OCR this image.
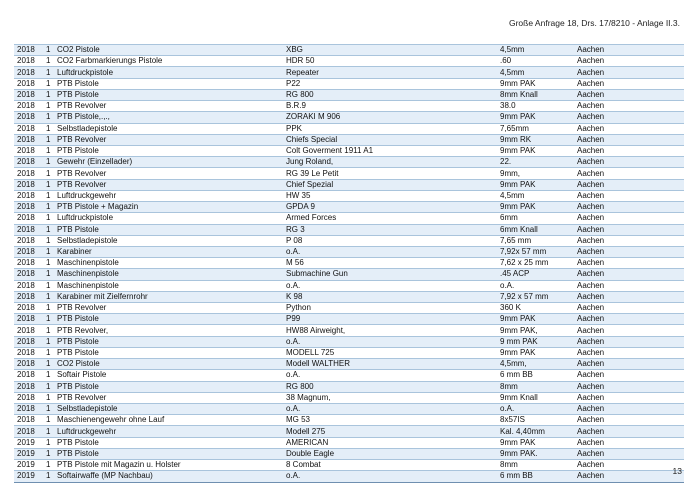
Große Anfrage 18, Drs. 17/8210 - Anlage II.3.
2018	1	CO2 Pistole	XBG	4,5mm	Aachen
2018	1	CO2 Farbmarkierungs Pistole	HDR 50	.60	Aachen
2018	1	Luftdruckpistole	Repeater	4,5mm	Aachen
2018	1	PTB Pistole	P22	9mm PAK	Aachen
2018	1	PTB Pistole	RG 800	8mm Knall	Aachen
2018	1	PTB Revolver	B.R.9	38.0	Aachen
2018	1	PTB Pistole,.,.,	ZORAKI M 906	9mm PAK	Aachen
2018	1	Selbstladepistole	PPK	7,65mm	Aachen
2018	1	PTB Revolver	Chiefs Special	9mm RK	Aachen
2018	1	PTB Pistole	Colt Goverment 1911 A1	9mm PAK	Aachen
2018	1	Gewehr (Einzellader)	Jung Roland,	22.	Aachen
2018	1	PTB Revolver	RG 39 Le Petit	9mm,	Aachen
2018	1	PTB Revolver	Chief Spezial	9mm PAK	Aachen
2018	1	Luftdruckgewehr	HW 35	4,5mm	Aachen
2018	1	PTB Pistole + Magazin	GPDA 9	9mm PAK	Aachen
2018	1	Luftdruckpistole	Armed Forces	6mm	Aachen
2018	1	PTB Pistole	RG 3	6mm Knall	Aachen
2018	1	Selbstladepistole	P 08	7,65 mm	Aachen
2018	1	Karabiner	o.A.	7,92x 57 mm	Aachen
2018	1	Maschinenpistole	M 56	7,62 x 25 mm	Aachen
2018	1	Maschinenpistole	Submachine Gun	.45 ACP	Aachen
2018	1	Maschinenpistole	o.A.	o.A.	Aachen
2018	1	Karabiner mit Zielfernrohr	K 98	7,92 x 57 mm	Aachen
2018	1	PTB Revolver	Python	360 K	Aachen
2018	1	PTB Pistole	P99	9mm PAK	Aachen
2018	1	PTB Revolver,	HW88 Airweight,	9mm PAK,	Aachen
2018	1	PTB Pistole	o.A.	9 mm PAK	Aachen
2018	1	PTB Pistole	MODELL 725	9mm PAK	Aachen
2018	1	CO2 Pistole	Modell WALTHER	4,5mm,	Aachen
2018	1	Softair Pistole	o.A.	6 mm BB	Aachen
2018	1	PTB Pistole	RG 800	8mm	Aachen
2018	1	PTB Revolver	38 Magnum,	9mm Knall	Aachen
2018	1	Selbstladepistole	o.A.	o.A.	Aachen
2018	1	Maschienengewehr ohne Lauf	MG 53	8x57IS	Aachen
2018	1	Luftdruckgewehr	Modell 275	Kal. 4,40mm	Aachen
2019	1	PTB Pistole	AMERICAN	9mm PAK	Aachen
2019	1	PTB Pistole	Double Eagle	9mm PAK.	Aachen
2019	1	PTB Pistole mit Magazin u. Holster	8 Combat	8mm	Aachen
2019	1	Softairwaffe (MP Nachbau)	o.A.	6 mm BB	Aachen	13
